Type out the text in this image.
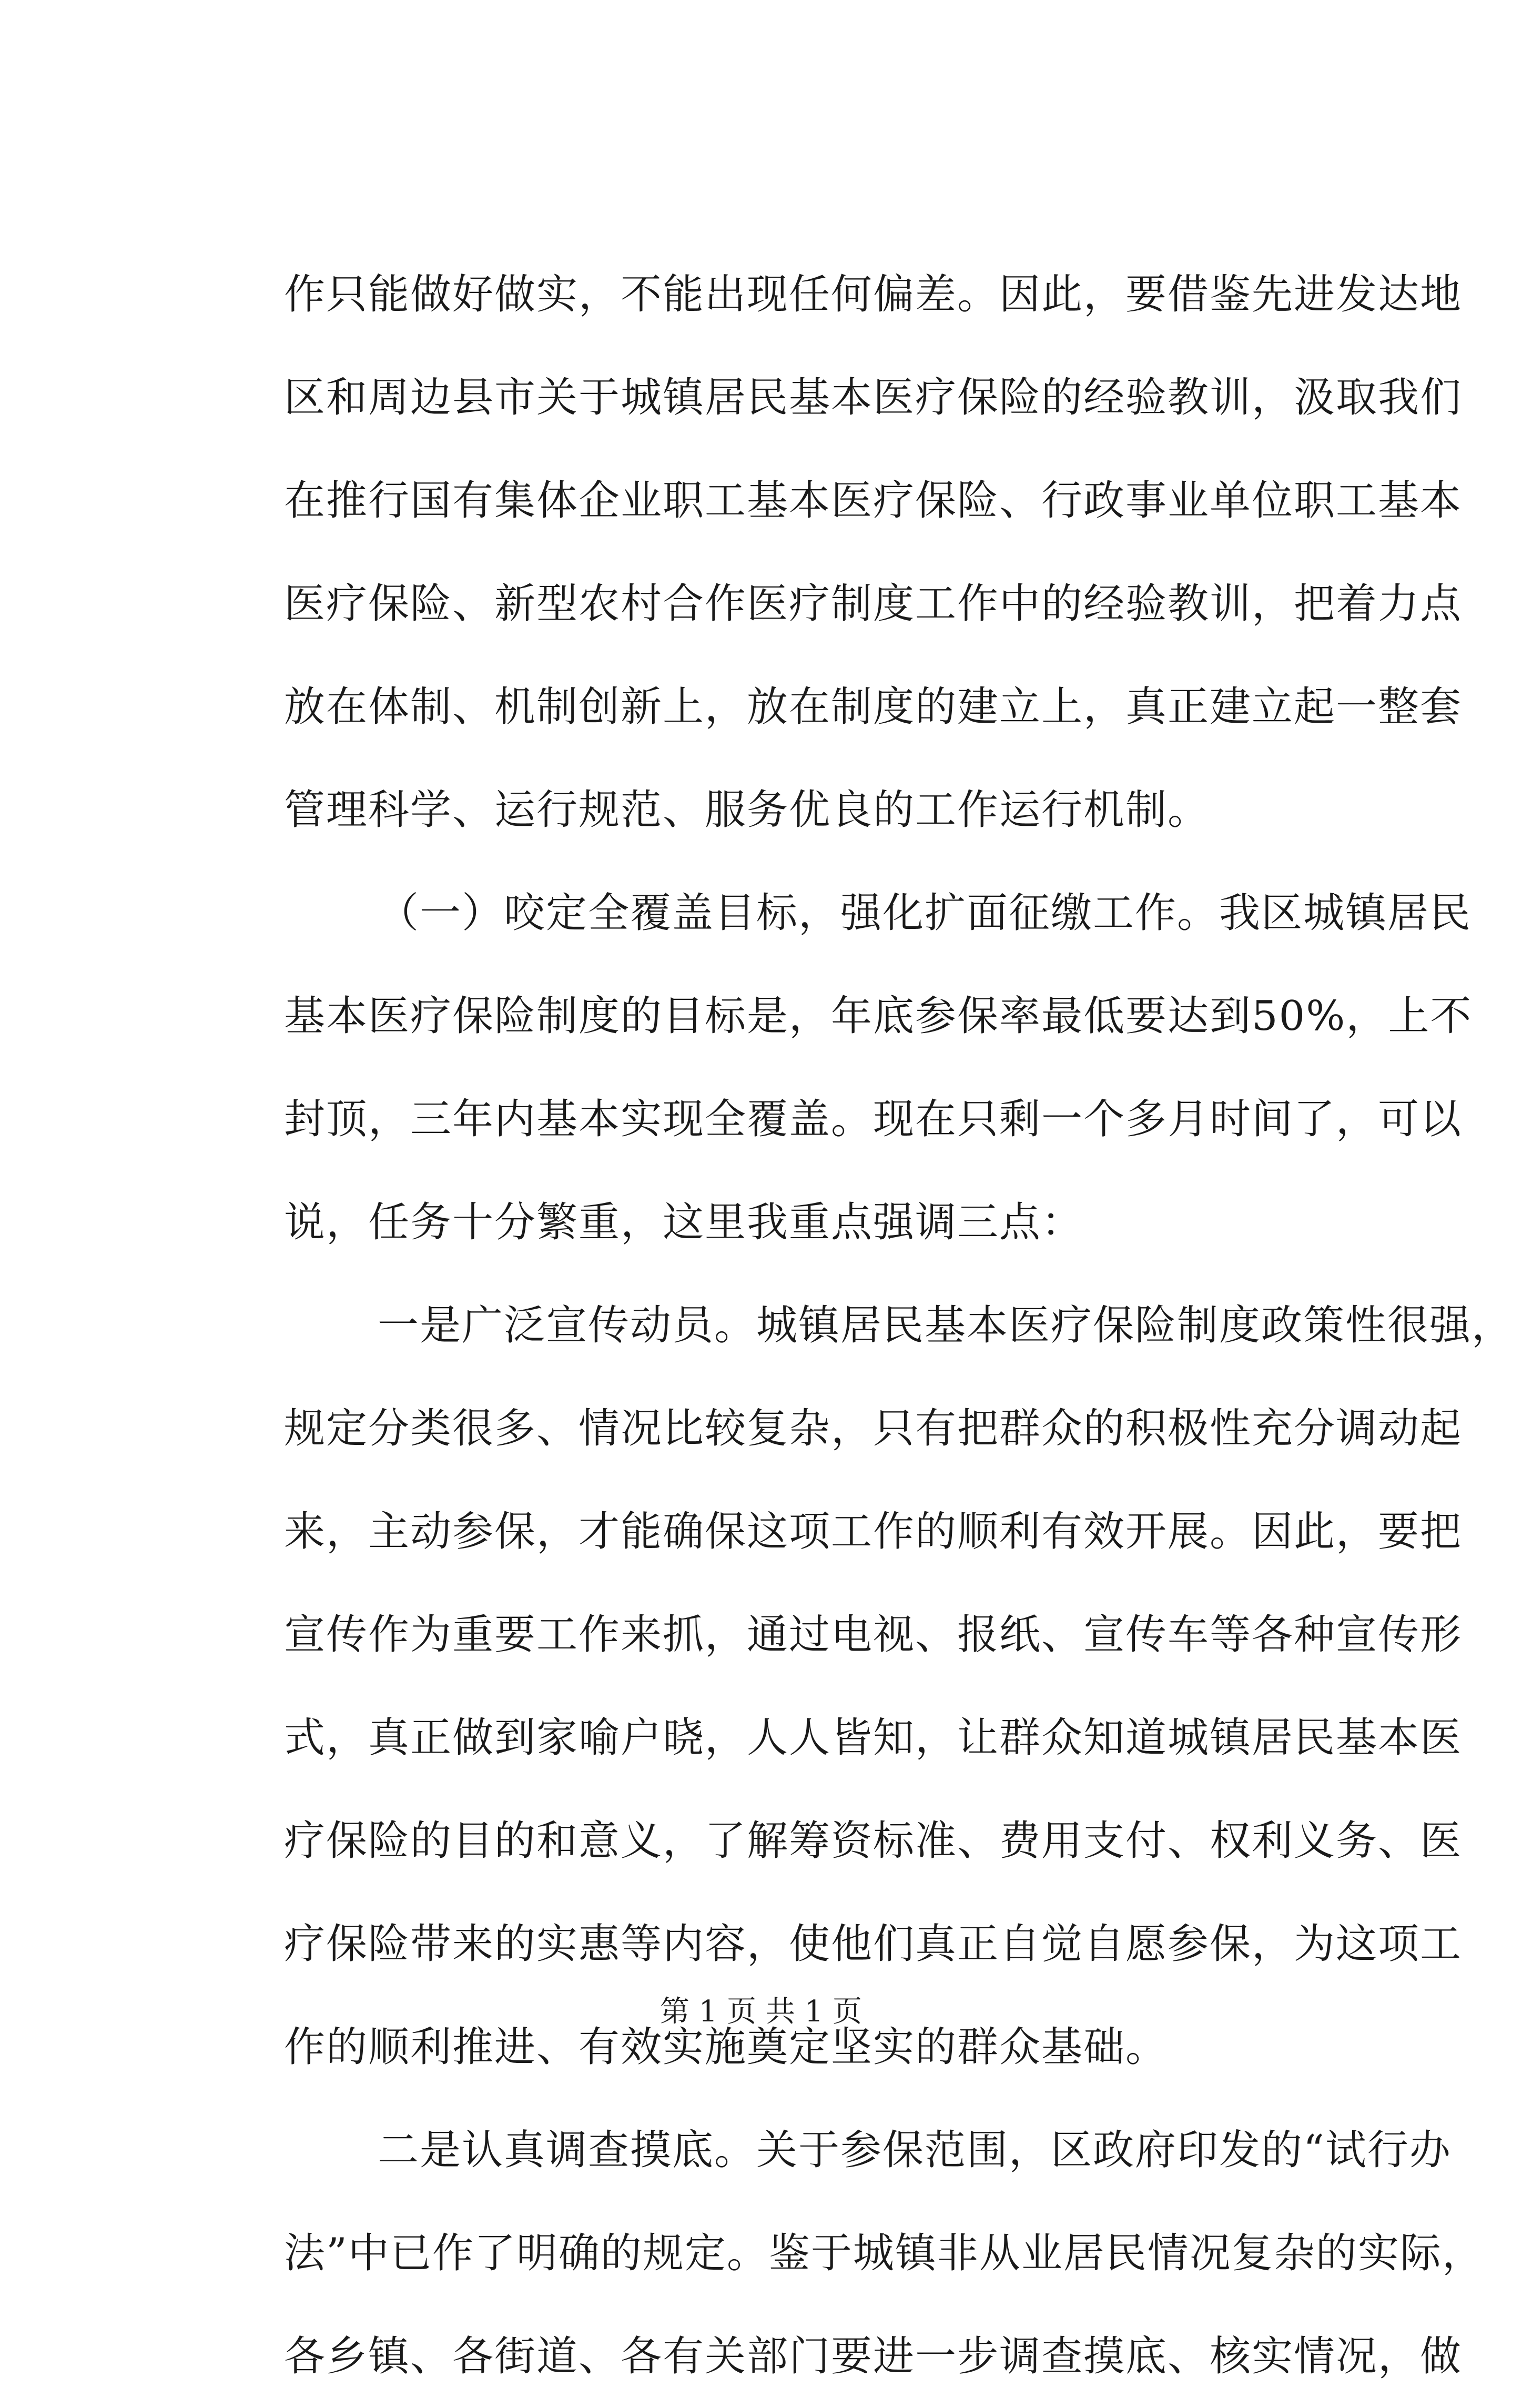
作只能做好做实，不能出现任何偏差。因此，要借鉴先进发达地
区和周边县市关于城镇居民基本医疗保险的经验教训，汲取我们
在推行国有集体企业职工基本医疗保险、行政事业单位职工基本
医疗保险、新型农村合作医疗制度工作中的经验教训，把着力点
放在体制、机制创新上，放在制度的建立上，真正建立起一整套
管理科学、运行规范、服务优良的工作运行机制。
（一）咬定全覆盖目标，强化扩面征缴工作。我区城镇居民
基本医疗保险制度的目标是，年底参保率最低要达到50%，上不
封顶，三年内基本实现全覆盖。现在只剩一个多月时间了，可以
说，任务十分繁重，这里我重点强调三点：
一是广泛宣传动员。城镇居民基本医疗保险制度政策性很强，
规定分类很多、情况比较复杂，只有把群众的积极性充分调动起
来，主动参保，才能确保这项工作的顺利有效开展。因此，要把
宣传作为重要工作来抓，通过电视、报纸、宣传车等各种宣传形
式，真正做到家喻户晓，人人皆知，让群众知道城镇居民基本医
疗保险的目的和意义，了解筹资标准、费用支付、权利义务、医
疗保险带来的实惠等内容，使他们真正自觉自愿参保，为这项工
作的顺利推进、有效实施奠定坚实的群众基础。
二是认真调查摸底。关于参保范围，区政府印发的“试行办
法”中已作了明确的规定。鉴于城镇非从业居民情况复杂的实际，
各乡镇、各街道、各有关部门要进一步调查摸底、核实情况，做
第 1 页 共 1 页
